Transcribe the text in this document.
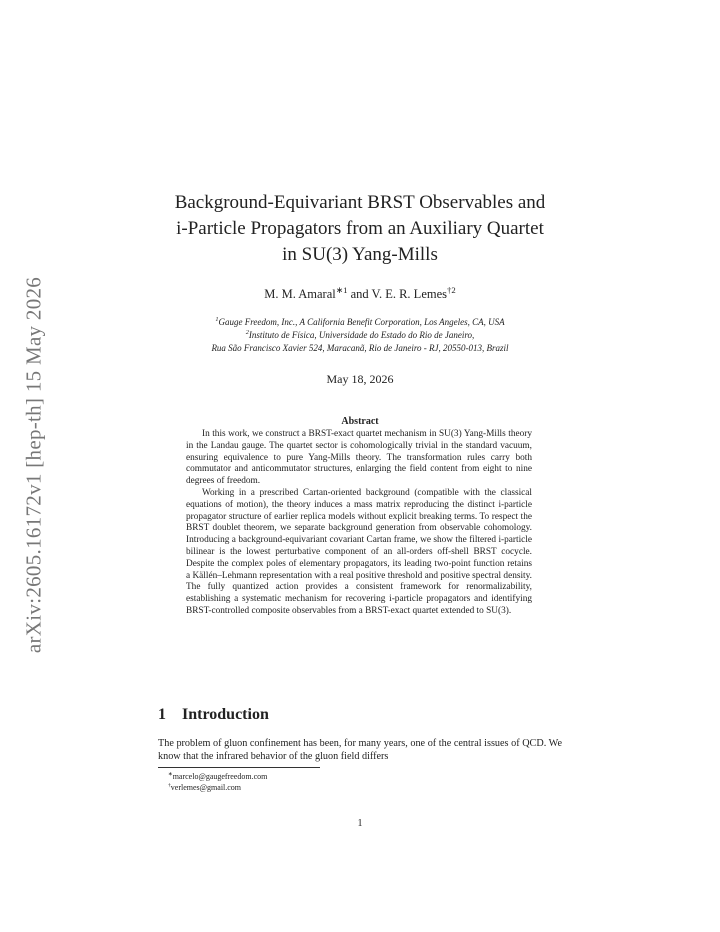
arXiv:2605.16172v1 [hep-th] 15 May 2026
Background-Equivariant BRST Observables and
i-Particle Propagators from an Auxiliary Quartet
in SU(3) Yang-Mills
M. M. Amaral$^{∗1}$ and V. E. R. Lemes$^{\dagger 2}$
$^1$Gauge Freedom, Inc., A California Benefit Corporation, Los Angeles, CA, USA
$^2$Instituto de Física, Universidade do Estado do Rio de Janeiro,
Rua São Francisco Xavier 524, Maracanã, Rio de Janeiro - RJ, 20550-013, Brazil
May 18, 2026
Abstract

In this work, we construct a BRST-exact quartet mechanism in SU(3) Yang-Mills theory in the Landau gauge. The quartet sector is cohomologically trivial in the standard vacuum, ensuring equivalence to pure Yang-Mills theory. The transformation rules carry both commutator and anticommutator structures, enlarging the field content from eight to nine degrees of freedom.

Working in a prescribed Cartan-oriented background (compatible with the classical equations of motion), the theory induces a mass matrix reproducing the distinct i-particle propagator structure of earlier replica models without explicit breaking terms. To respect the BRST doublet theorem, we separate background generation from observable cohomology. Introducing a background-equivariant covariant Cartan frame, we show the filtered i-particle bilinear is the lowest perturbative component of an all-orders off-shell BRST cocycle. Despite the complex poles of elementary propagators, its leading two-point function retains a Källén–Lehmann representation with a real positive threshold and positive spectral density. The fully quantized action provides a consistent framework for renormalizability, establishing a systematic mechanism for recovering i-particle propagators and identifying BRST-controlled composite observables from a BRST-exact quartet extended to SU(3).

1 Introduction
The problem of gluon confinement has been, for many years, one of the central issues of QCD. We know that the infrared behavior of the gluon field differs
∗marcelo@gaugefreedom.com
†verlemes@gmail.com
1
